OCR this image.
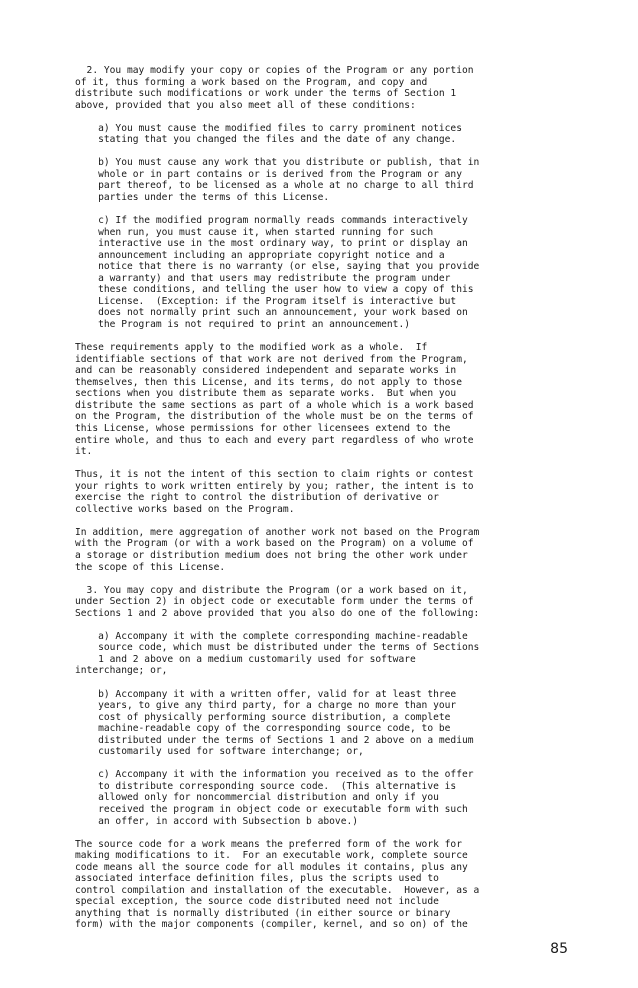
2. You may modify your copy or copies of the Program or any portion
of it, thus forming a work based on the Program, and copy and
distribute such modifications or work under the terms of Section 1
above, provided that you also meet all of these conditions:

a) You must cause the modified files to carry prominent notices
stating that you changed the files and the date of any change.

b) You must cause any work that you distribute or publish, that in
whole or in part contains or is derived from the Program or any
part thereof, to be licensed as a whole at no charge to all third
parties under the terms of this License.

c) If the modified program normally reads commands interactively
when run, you must cause it, when started running for such
interactive use in the most ordinary way, to print or display an
announcement including an appropriate copyright notice and a
notice that there is no warranty (or else, saying that you provide
a warranty) and that users may redistribute the program under
these conditions, and telling the user how to view a copy of this
License.  (Exception: if the Program itself is interactive but
does not normally print such an announcement, your work based on
the Program is not required to print an announcement.)

These requirements apply to the modified work as a whole.  If
identifiable sections of that work are not derived from the Program,
and can be reasonably considered independent and separate works in
themselves, then this License, and its terms, do not apply to those
sections when you distribute them as separate works.  But when you
distribute the same sections as part of a whole which is a work based
on the Program, the distribution of the whole must be on the terms of
this License, whose permissions for other licensees extend to the
entire whole, and thus to each and every part regardless of who wrote
it.

Thus, it is not the intent of this section to claim rights or contest
your rights to work written entirely by you; rather, the intent is to
exercise the right to control the distribution of derivative or
collective works based on the Program.

In addition, mere aggregation of another work not based on the Program
with the Program (or with a work based on the Program) on a volume of
a storage or distribution medium does not bring the other work under
the scope of this License.

3. You may copy and distribute the Program (or a work based on it,
under Section 2) in object code or executable form under the terms of
Sections 1 and 2 above provided that you also do one of the following:

a) Accompany it with the complete corresponding machine-readable
source code, which must be distributed under the terms of Sections
1 and 2 above on a medium customarily used for software
interchange; or,

b) Accompany it with a written offer, valid for at least three
years, to give any third party, for a charge no more than your
cost of physically performing source distribution, a complete
machine-readable copy of the corresponding source code, to be
distributed under the terms of Sections 1 and 2 above on a medium
customarily used for software interchange; or,

c) Accompany it with the information you received as to the offer
to distribute corresponding source code.  (This alternative is
allowed only for noncommercial distribution and only if you
received the program in object code or executable form with such
an offer, in accord with Subsection b above.)

The source code for a work means the preferred form of the work for
making modifications to it.  For an executable work, complete source
code means all the source code for all modules it contains, plus any
associated interface definition files, plus the scripts used to
control compilation and installation of the executable.  However, as a
special exception, the source code distributed need not include
anything that is normally distributed (in either source or binary
form) with the major components (compiler, kernel, and so on) of the

85
